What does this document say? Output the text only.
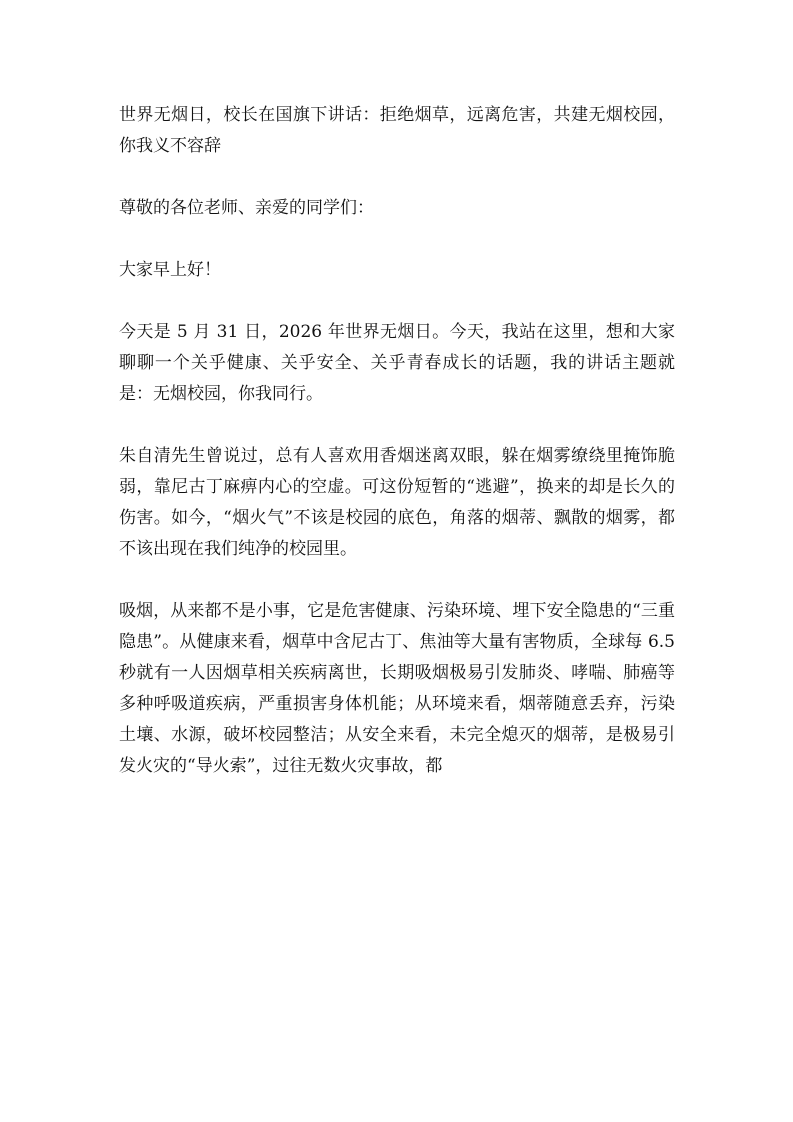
世界无烟日，校长在国旗下讲话：拒绝烟草，远离危害，共建无烟校园，你我义不容辞

尊敬的各位老师、亲爱的同学们：

大家早上好！

今天是 5 月 31 日，2026 年世界无烟日。今天，我站在这里，想和大家聊聊一个关乎健康、关乎安全、关乎青春成长的话题，我的讲话主题就是：无烟校园，你我同行。

朱自清先生曾说过，总有人喜欢用香烟迷离双眼，躲在烟雾缭绕里掩饰脆弱，靠尼古丁麻痹内心的空虚。可这份短暂的“逃避”，换来的却是长久的伤害。如今，“烟火气”不该是校园的底色，角落的烟蒂、飘散的烟雾，都不该出现在我们纯净的校园里。

吸烟，从来都不是小事，它是危害健康、污染环境、埋下安全隐患的“三重隐患”。从健康来看，烟草中含尼古丁、焦油等大量有害物质，全球每 6.5 秒就有一人因烟草相关疾病离世，长期吸烟极易引发肺炎、哮喘、肺癌等多种呼吸道疾病，严重损害身体机能；从环境来看，烟蒂随意丢弃，污染土壤、水源，破坏校园整洁；从安全来看，未完全熄灭的烟蒂，是极易引发火灾的“导火索”，过往无数火灾事故，都
